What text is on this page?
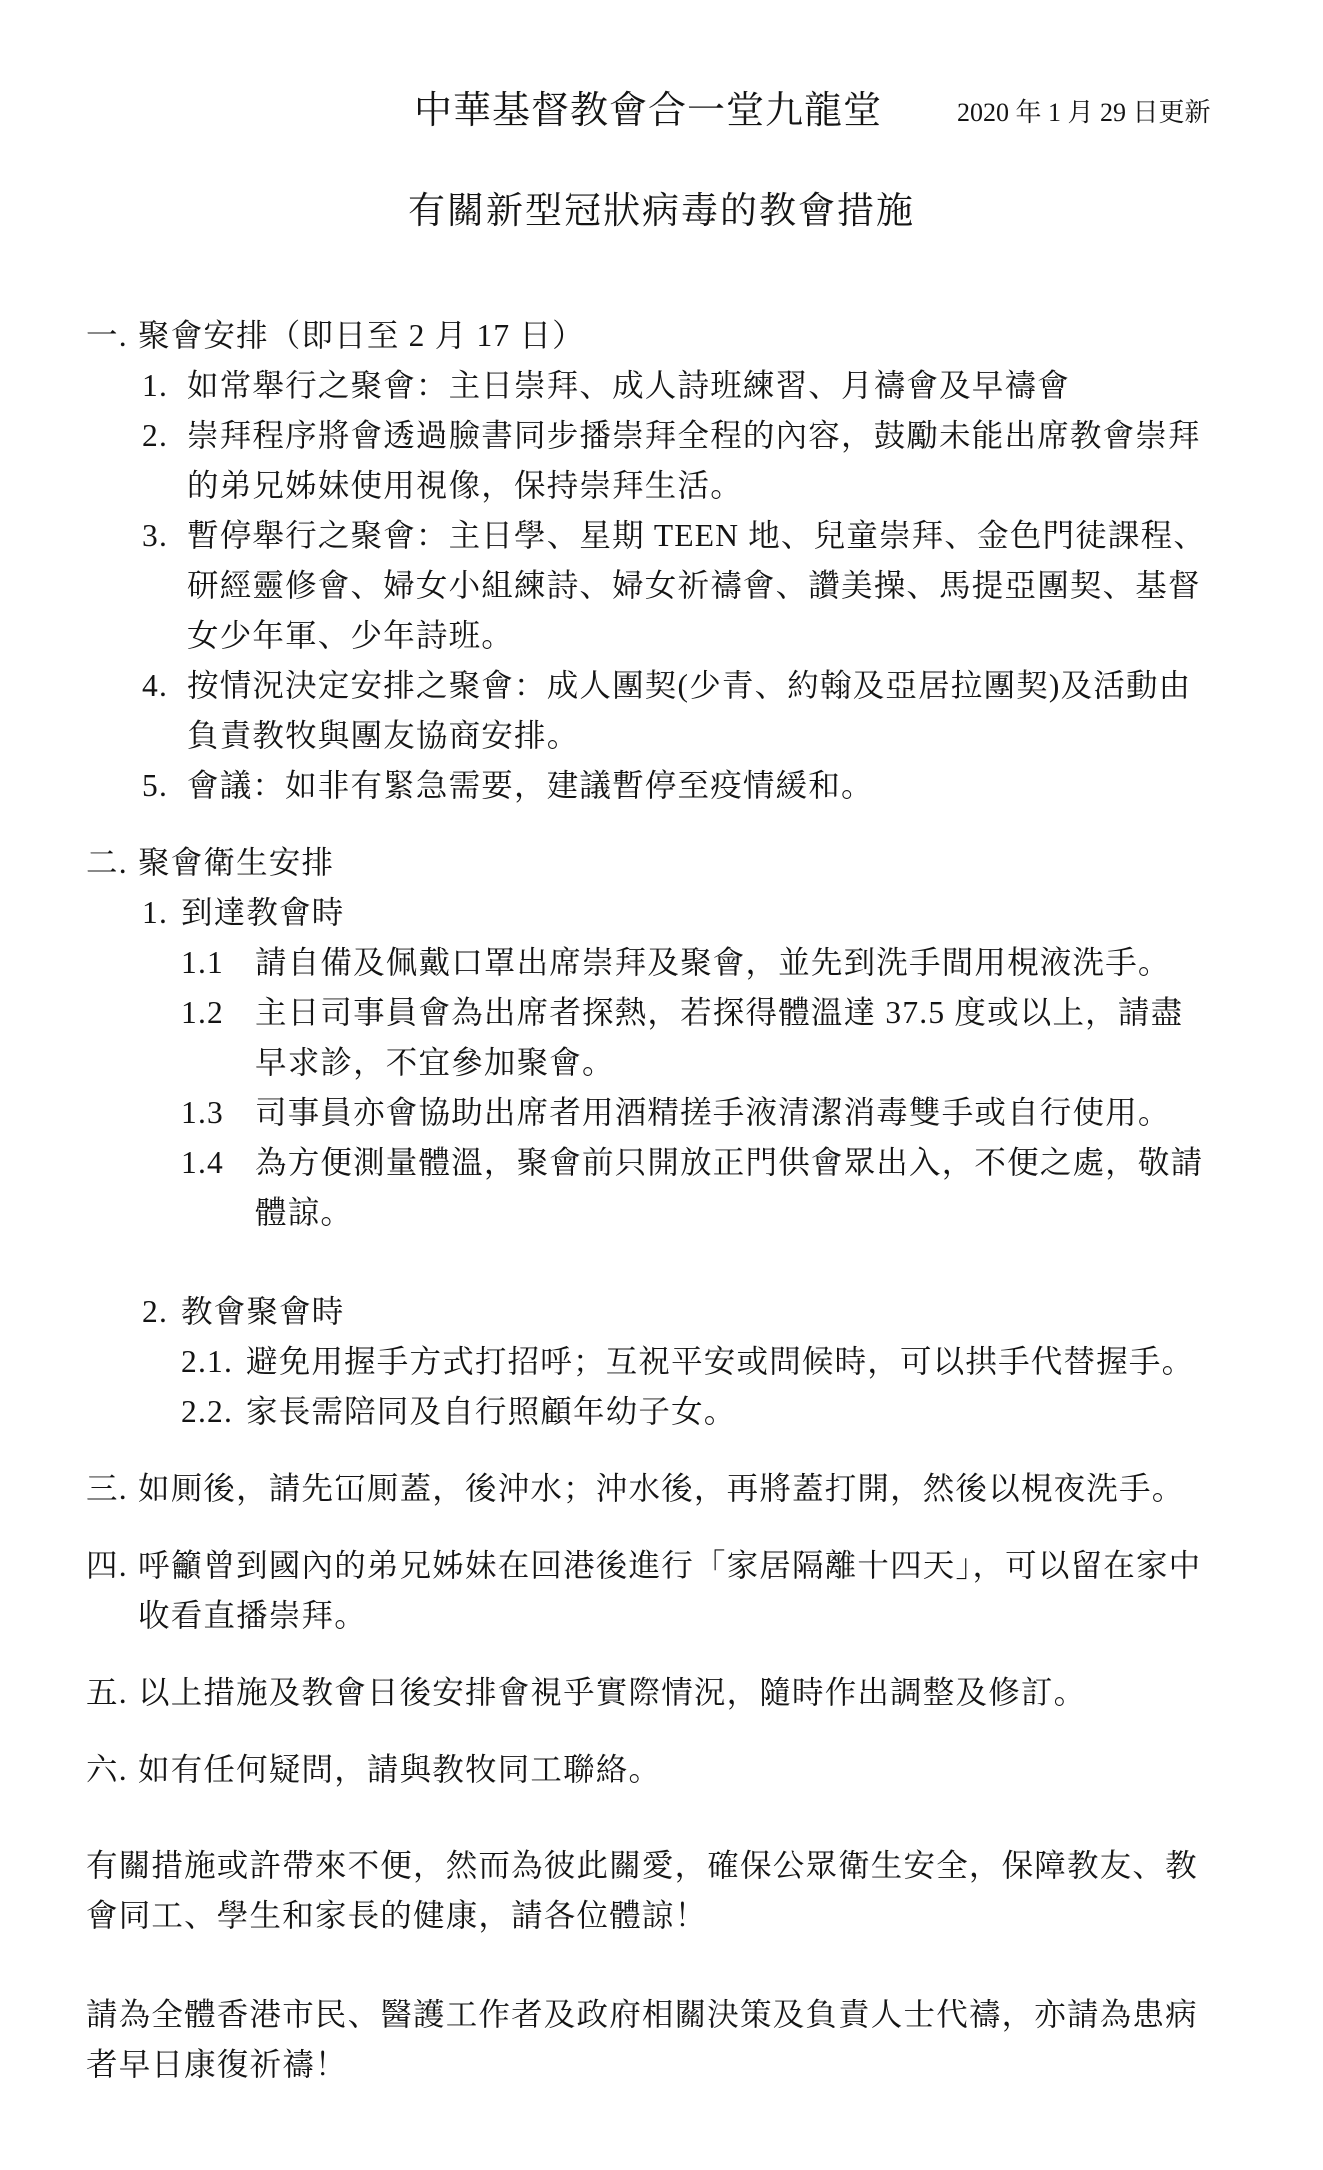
中華基督教會合一堂九龍堂	2020 年 1 月 29 日更新
有關新型冠狀病毒的教會措施
一. 聚會安排（即日至 2 月 17 日）
1. 如常舉行之聚會：主日崇拜、成人詩班練習、月禱會及早禱會
2. 崇拜程序將會透過臉書同步播崇拜全程的內容，鼓勵未能出席教會崇拜
的弟兄姊妹使用視像，保持崇拜生活。
3. 暫停舉行之聚會：主日學、星期 TEEN 地、兒童崇拜、金色門徒課程、
研經靈修會、婦女小組練詩、婦女祈禱會、讚美操、馬提亞團契、基督
女少年軍、少年詩班。
4. 按情況決定安排之聚會：成人團契(少青、約翰及亞居拉團契)及活動由
負責教牧與團友協商安排。
5. 會議：如非有緊急需要，建議暫停至疫情緩和。
二. 聚會衛生安排
1. 到達教會時
1.1 請自備及佩戴口罩出席崇拜及聚會，並先到洗手間用梘液洗手。
1.2 主日司事員會為出席者探熱，若探得體溫達 37.5 度或以上，請盡
早求診，不宜參加聚會。
1.3 司事員亦會協助出席者用酒精搓手液清潔消毒雙手或自行使用。
1.4 為方便測量體溫，聚會前只開放正門供會眾出入，不便之處，敬請
體諒。
2. 教會聚會時
2.1. 避免用握手方式打招呼；互祝平安或問候時，可以拱手代替握手。
2.2. 家長需陪同及自行照顧年幼子女。
三. 如厠後，請先冚厠蓋，後沖水；沖水後，再將蓋打開，然後以梘夜洗手。
四. 呼籲曾到國內的弟兄姊妹在回港後進行「家居隔離十四天」，可以留在家中
收看直播崇拜。
五. 以上措施及教會日後安排會視乎實際情況，隨時作出調整及修訂。
六. 如有任何疑問，請與教牧同工聯絡。
有關措施或許帶來不便，然而為彼此關愛，確保公眾衛生安全，保障教友、教
會同工、學生和家長的健康，請各位體諒！
請為全體香港市民、醫護工作者及政府相關決策及負責人士代禱，亦請為患病
者早日康復祈禱！
